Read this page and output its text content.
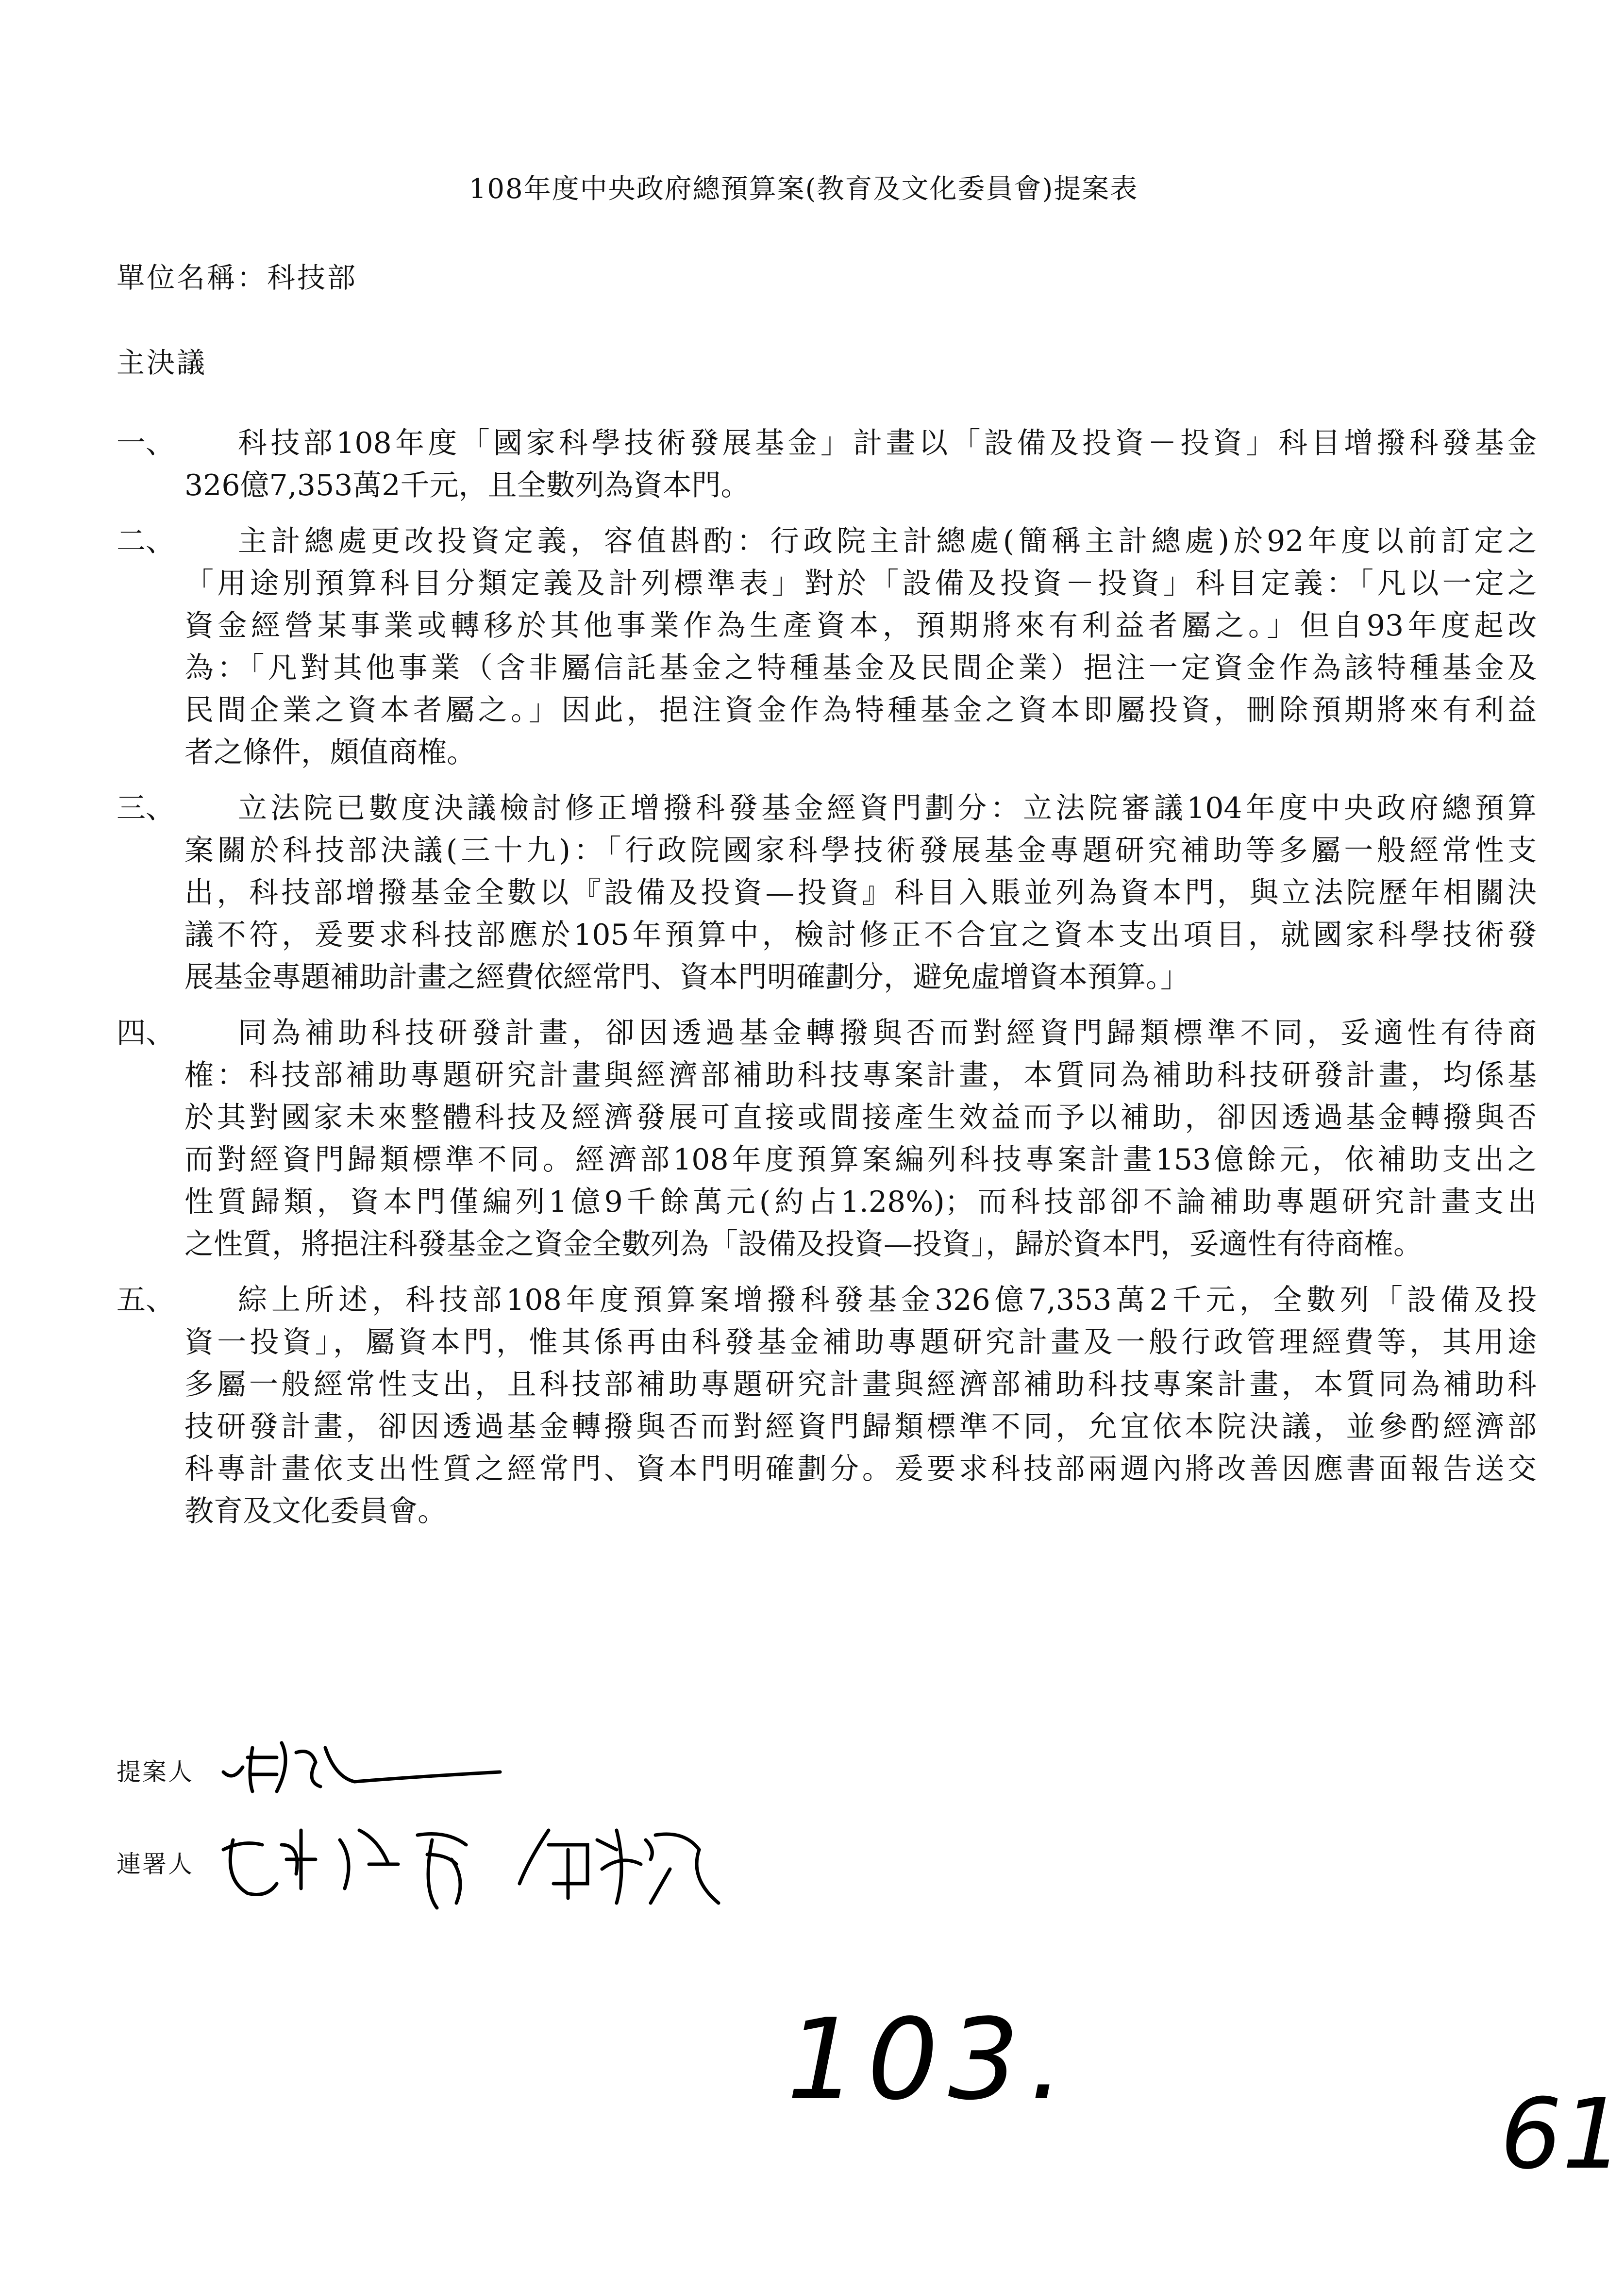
108年度中央政府總預算案(教育及文化委員會)提案表
單位名稱：科技部
主決議
一、 科技部108年度「國家科學技術發展基金」計畫以「設備及投資－投資」科目增撥科發基金
326億7,353萬2千元，且全數列為資本門。
二、 主計總處更改投資定義，容值斟酌：行政院主計總處(簡稱主計總處)於92年度以前訂定之
「用途別預算科目分類定義及計列標準表」對於「設備及投資－投資」科目定義：「凡以一定之
資金經營某事業或轉移於其他事業作為生產資本，預期將來有利益者屬之。」但自93年度起改
為：「凡對其他事業（含非屬信託基金之特種基金及民間企業）挹注一定資金作為該特種基金及
民間企業之資本者屬之。」因此，挹注資金作為特種基金之資本即屬投資，刪除預期將來有利益
者之條件，頗值商榷。
三、 立法院已數度決議檢討修正增撥科發基金經資門劃分：立法院審議104年度中央政府總預算
案關於科技部決議(三十九)：「行政院國家科學技術發展基金專題研究補助等多屬一般經常性支
出，科技部增撥基金全數以『設備及投資—投資』科目入賬並列為資本門，與立法院歷年相關決
議不符，爰要求科技部應於105年預算中，檢討修正不合宜之資本支出項目，就國家科學技術發
展基金專題補助計畫之經費依經常門、資本門明確劃分，避免虛增資本預算。」
四、 同為補助科技研發計畫，卻因透過基金轉撥與否而對經資門歸類標準不同，妥適性有待商
榷：科技部補助專題研究計畫與經濟部補助科技專案計畫，本質同為補助科技研發計畫，均係基
於其對國家未來整體科技及經濟發展可直接或間接產生效益而予以補助，卻因透過基金轉撥與否
而對經資門歸類標準不同。經濟部108年度預算案編列科技專案計畫153億餘元，依補助支出之
性質歸類，資本門僅編列1億9千餘萬元(約占1.28%)；而科技部卻不論補助專題研究計畫支出
之性質，將挹注科發基金之資金全數列為「設備及投資—投資」，歸於資本門，妥適性有待商榷。
五、 綜上所述，科技部108年度預算案增撥科發基金326億7,353萬2千元，全數列「設備及投
資一投資」，屬資本門，惟其係再由科發基金補助專題研究計畫及一般行政管理經費等，其用途
多屬一般經常性支出，且科技部補助專題研究計畫與經濟部補助科技專案計畫，本質同為補助科
技研發計畫，卻因透過基金轉撥與否而對經資門歸類標準不同，允宜依本院決議，並參酌經濟部
科專計畫依支出性質之經常門、資本門明確劃分。爰要求科技部兩週內將改善因應書面報告送交
教育及文化委員會。
提案人
連署人
103.
61
